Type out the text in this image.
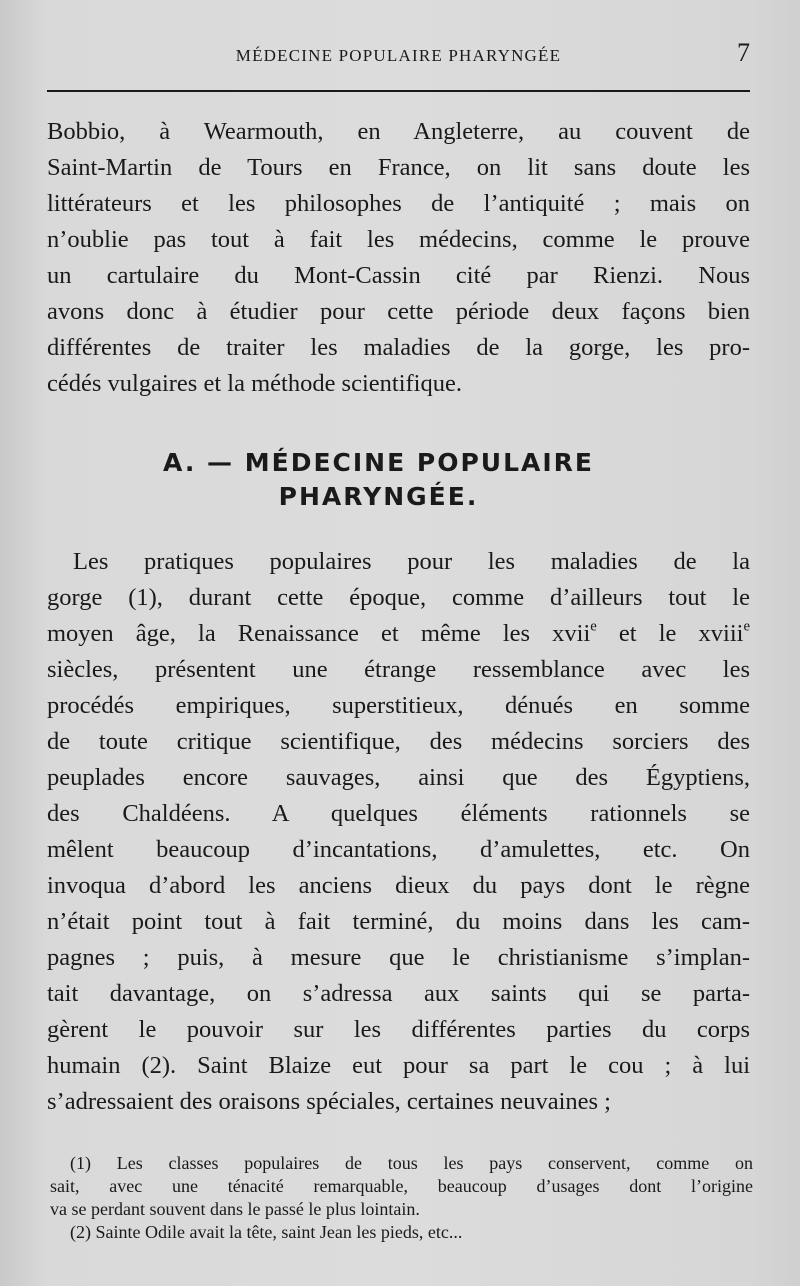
MÉDECINE POPULAIRE PHARYNGÉE	7
Bobbio, à Wearmouth, en Angleterre, au couvent de
Saint-Martin de Tours en France, on lit sans doute les
littérateurs et les philosophes de l’antiquité ; mais on
n’oublie pas tout à fait les médecins, comme le prouve
un cartulaire du Mont-Cassin cité par Rienzi. Nous
avons donc à étudier pour cette période deux façons bien
différentes de traiter les maladies de la gorge, les pro-
cédés vulgaires et la méthode scientifique.
A. — MÉDECINE POPULAIRE
PHARYNGÉE.
Les pratiques populaires pour les maladies de la
gorge (1), durant cette époque, comme d’ailleurs tout le
moyen âge, la Renaissance et même les xvii$^e$ et le xviii$^e$
siècles, présentent une étrange ressemblance avec les
procédés empiriques, superstitieux, dénués en somme
de toute critique scientifique, des médecins sorciers des
peuplades encore sauvages, ainsi que des Égyptiens,
des Chaldéens. A quelques éléments rationnels se
mêlent beaucoup d’incantations, d’amulettes, etc. On
invoqua d’abord les anciens dieux du pays dont le règne
n’était point tout à fait terminé, du moins dans les cam-
pagnes ; puis, à mesure que le christianisme s’implan-
tait davantage, on s’adressa aux saints qui se parta-
gèrent le pouvoir sur les différentes parties du corps
humain (2). Saint Blaize eut pour sa part le cou ; à lui
s’adressaient des oraisons spéciales, certaines neuvaines ;
(1) Les classes populaires de tous les pays conservent, comme on
sait, avec une ténacité remarquable, beaucoup d’usages dont l’origine
va se perdant souvent dans le passé le plus lointain.
(2) Sainte Odile avait la tête, saint Jean les pieds, etc...
